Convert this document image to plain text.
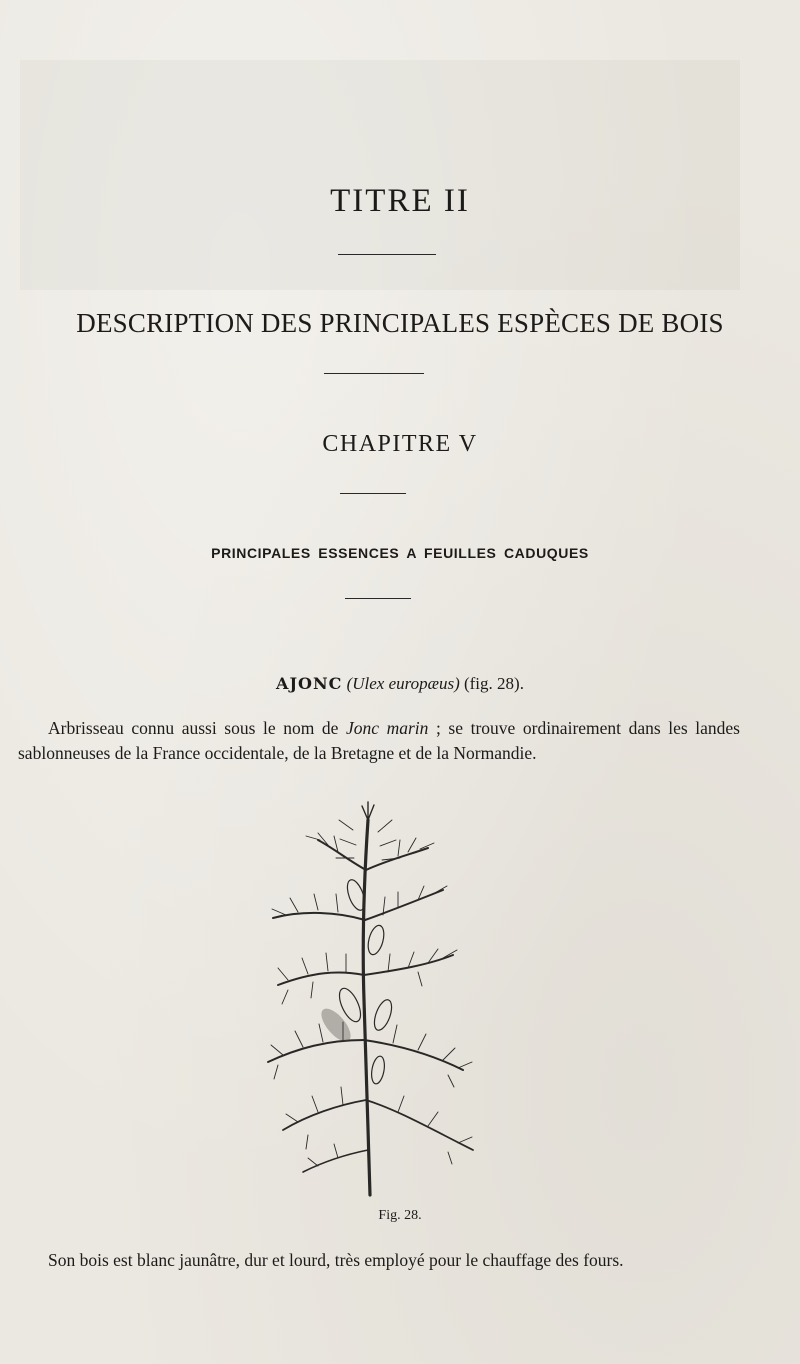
TITRE II
DESCRIPTION DES PRINCIPALES ESPÈCES DE BOIS
CHAPITRE V
PRINCIPALES ESSENCES A FEUILLES CADUQUES
AJONC (Ulex europæus) (fig. 28).
Arbrisseau connu aussi sous le nom de Jonc marin ; se trouve ordinairement dans les landes sablonneuses de la France occidentale, de la Bretagne et de la Normandie.
Fig. 28.
Son bois est blanc jaunâtre, dur et lourd, très employé pour le chauffage des fours.
